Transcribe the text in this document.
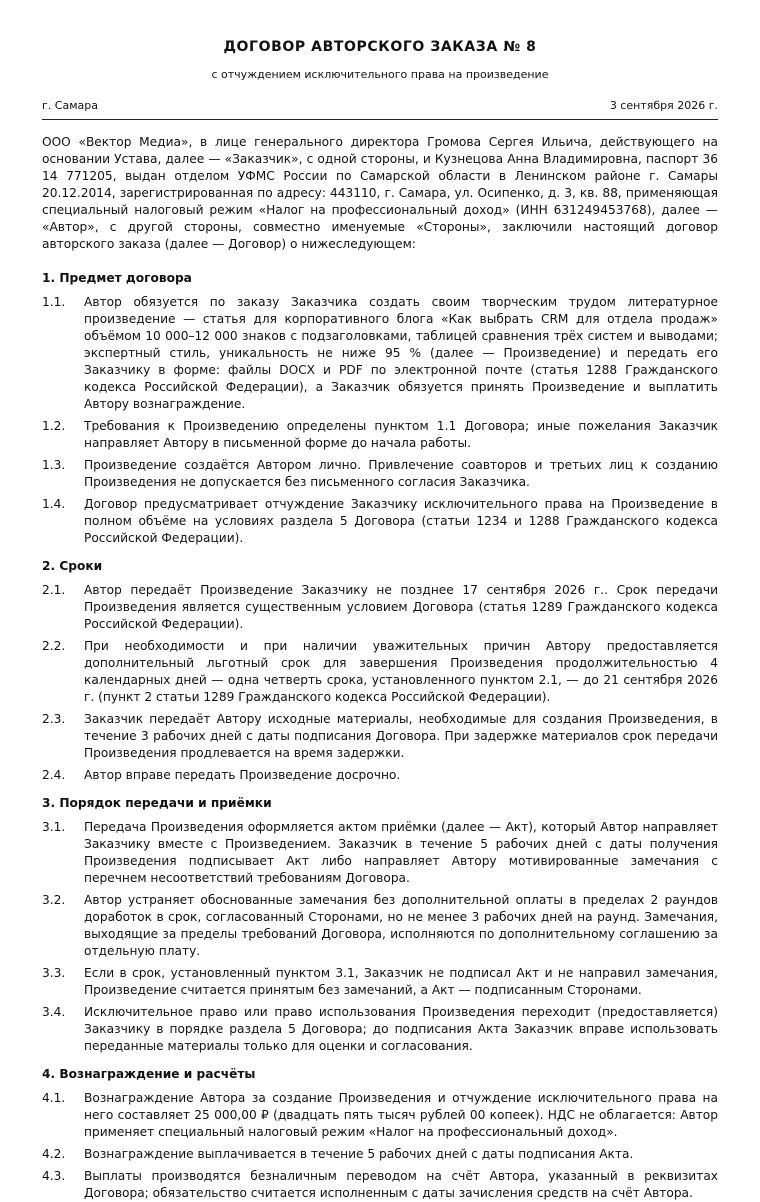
ДОГОВОР АВТОРСКОГО ЗАКАЗА № 8
с отчуждением исключительного права на произведение
г. Самара	3 сентября 2026 г.
ООО «Вектор Медиа», в лице генерального директора Громова Сергея Ильича, действующего на основании Устава, далее — «Заказчик», с одной стороны, и Кузнецова Анна Владимировна, паспорт 36 14 771205, выдан отделом УФМС России по Самарской области в Ленинском районе г. Самары 20.12.2014, зарегистрированная по адресу: 443110, г. Самара, ул. Осипенко, д. 3, кв. 88, применяющая специальный налоговый режим «Налог на профессиональный доход» (ИНН 631249453768), далее — «Автор», с другой стороны, совместно именуемые «Стороны», заключили настоящий договор авторского заказа (далее — Договор) о нижеследующем:
1. Предмет договора
1.1.	Автор обязуется по заказу Заказчика создать своим творческим трудом литературное произведение — статья для корпоративного блога «Как выбрать CRM для отдела продаж» объёмом 10 000–12 000 знаков с подзаголовками, таблицей сравнения трёх систем и выводами; экспертный стиль, уникальность не ниже 95 % (далее — Произведение) и передать его Заказчику в форме: файлы DOCX и PDF по электронной почте (статья 1288 Гражданского кодекса Российской Федерации), а Заказчик обязуется принять Произведение и выплатить Автору вознаграждение.
1.2.	Требования к Произведению определены пунктом 1.1 Договора; иные пожелания Заказчик направляет Автору в письменной форме до начала работы.
1.3.	Произведение создаётся Автором лично. Привлечение соавторов и третьих лиц к созданию Произведения не допускается без письменного согласия Заказчика.
1.4.	Договор предусматривает отчуждение Заказчику исключительного права на Произведение в полном объёме на условиях раздела 5 Договора (статьи 1234 и 1288 Гражданского кодекса Российской Федерации).
2. Сроки
2.1.	Автор передаёт Произведение Заказчику не позднее 17 сентября 2026 г.. Срок передачи Произведения является существенным условием Договора (статья 1289 Гражданского кодекса Российской Федерации).
2.2.	При необходимости и при наличии уважительных причин Автору предоставляется дополнительный льготный срок для завершения Произведения продолжительностью 4 календарных дней — одна четверть срока, установленного пунктом 2.1, — до 21 сентября 2026 г. (пункт 2 статьи 1289 Гражданского кодекса Российской Федерации).
2.3.	Заказчик передаёт Автору исходные материалы, необходимые для создания Произведения, в течение 3 рабочих дней с даты подписания Договора. При задержке материалов срок передачи Произведения продлевается на время задержки.
2.4.	Автор вправе передать Произведение досрочно.
3. Порядок передачи и приёмки
3.1.	Передача Произведения оформляется актом приёмки (далее — Акт), который Автор направляет Заказчику вместе с Произведением. Заказчик в течение 5 рабочих дней с даты получения Произведения подписывает Акт либо направляет Автору мотивированные замечания с перечнем несоответствий требованиям Договора.
3.2.	Автор устраняет обоснованные замечания без дополнительной оплаты в пределах 2 раундов доработок в срок, согласованный Сторонами, но не менее 3 рабочих дней на раунд. Замечания, выходящие за пределы требований Договора, исполняются по дополнительному соглашению за отдельную плату.
3.3.	Если в срок, установленный пунктом 3.1, Заказчик не подписал Акт и не направил замечания, Произведение считается принятым без замечаний, а Акт — подписанным Сторонами.
3.4.	Исключительное право или право использования Произведения переходит (предоставляется) Заказчику в порядке раздела 5 Договора; до подписания Акта Заказчик вправе использовать переданные материалы только для оценки и согласования.
4. Вознаграждение и расчёты
4.1.	Вознаграждение Автора за создание Произведения и отчуждение исключительного права на него составляет 25 000,00 ₽ (двадцать пять тысяч рублей 00 копеек). НДС не облагается: Автор применяет специальный налоговый режим «Налог на профессиональный доход».
4.2.	Вознаграждение выплачивается в течение 5 рабочих дней с даты подписания Акта.
4.3.	Выплаты производятся безналичным переводом на счёт Автора, указанный в реквизитах Договора; обязательство считается исполненным с даты зачисления средств на счёт Автора.
